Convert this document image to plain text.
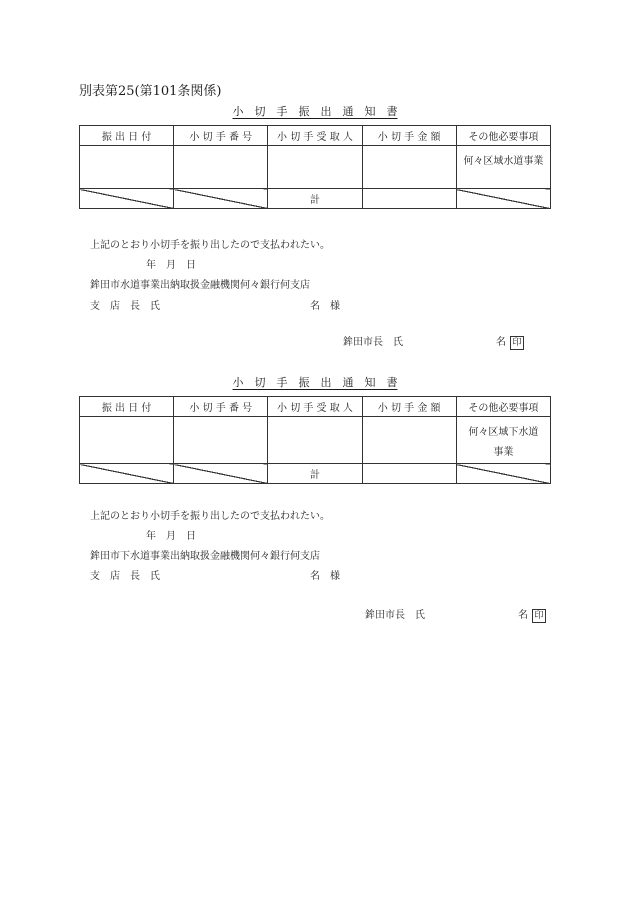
別表第25(第101条関係)
小　切　手　振　出　通　知　書
振 出 日 付	小 切 手 番 号	小 切 手 受 取 人	小 切 手 金 額	その他必要事項
				何々区域水道事業
		計		
上記のとおり小切手を振り出したので支払われたい。
年　月　日
鉾田市水道事業出納取扱金融機関何々銀行何支店
支　店　長　氏	名　様
鉾田市長　氏	名 印
小　切　手　振　出　通　知　書
振 出 日 付	小 切 手 番 号	小 切 手 受 取 人	小 切 手 金 額	その他必要事項
				何々区域下水道事業
		計		
上記のとおり小切手を振り出したので支払われたい。
年　月　日
鉾田市下水道事業出納取扱金融機関何々銀行何支店
支　店　長　氏	名　様
鉾田市長　氏	名 印
